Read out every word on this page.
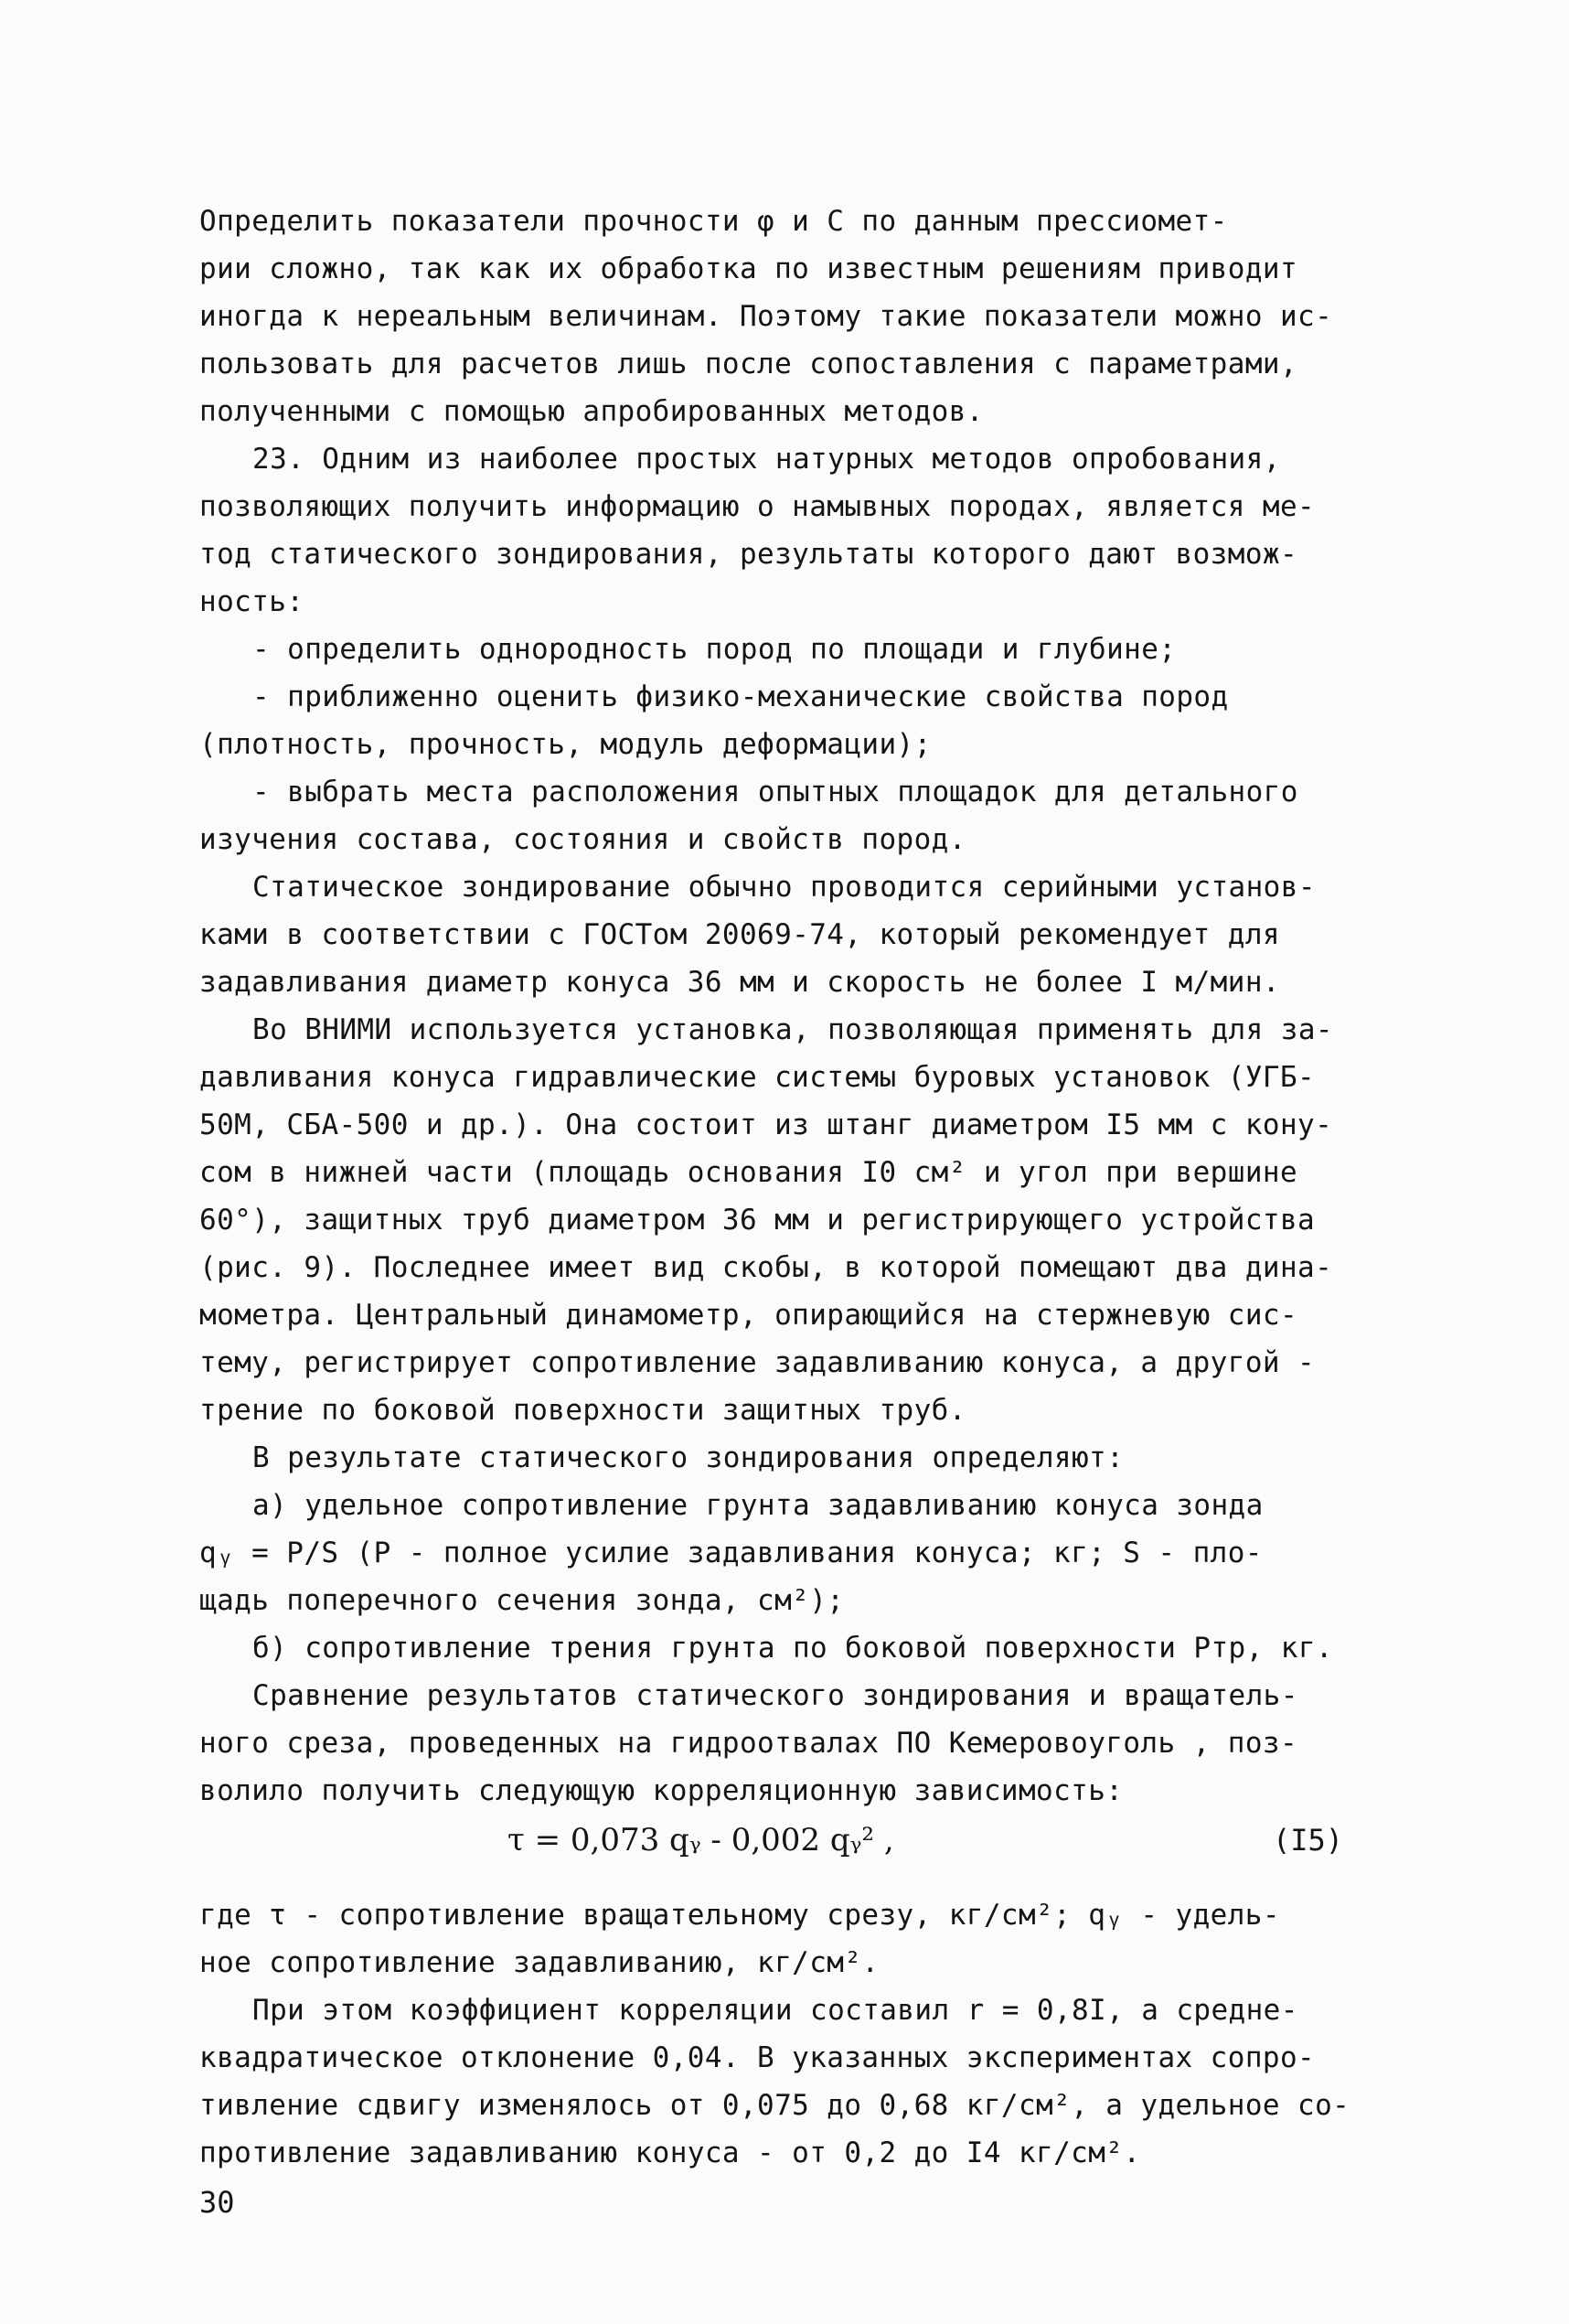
Определить показатели прочности φ и С по данным прессиомет-
рии сложно, так как их обработка по известным решениям приводит
иногда к нереальным величинам. Поэтому такие показатели можно ис-
пользовать для расчетов лишь после сопоставления с параметрами,
полученными с помощью апробированных методов.
23. Одним из наиболее простых натурных методов опробования,
позволяющих получить информацию о намывных породах, является ме-
тод статического зондирования, результаты которого дают возмож-
ность:
- определить однородность пород по площади и глубине;
- приближенно оценить физико-механические свойства пород
(плотность, прочность, модуль деформации);
- выбрать места расположения опытных площадок для детального
изучения состава, состояния и свойств пород.
Статическое зондирование обычно проводится серийными установ-
ками в соответствии с ГОСТом 20069-74, который рекомендует для
задавливания диаметр конуса 36 мм и скорость не более I м/мин.
Во ВНИМИ используется установка, позволяющая применять для за-
давливания конуса гидравлические системы буровых установок (УГБ-
50М, СБА-500 и др.). Она состоит из штанг диаметром I5 мм с кону-
сом в нижней части (площадь основания I0 см² и угол при вершине
60°), защитных труб диаметром 36 мм и регистрирующего устройства
(рис. 9). Последнее имеет вид скобы, в которой помещают два дина-
мометра. Центральный динамометр, опирающийся на стержневую сис-
тему, регистрирует сопротивление задавливанию конуса, а другой -
трение по боковой поверхности защитных труб.
В результате статического зондирования определяют:
а) удельное сопротивление грунта задавливанию конуса зонда
qᵧ = P/S (Р - полное усилие задавливания конуса; кг; S - пло-
щадь поперечного сечения зонда, см²);
б) сопротивление трения грунта по боковой поверхности Pтр, кг.
Сравнение результатов статического зондирования и вращатель-
ного среза, проведенных на гидроотвалах ПО Кемеровоуголь , поз-
волило получить следующую корреляционную зависимость:
τ = 0,073 qᵧ - 0,002 qᵧ² ,	(I5)
где τ - сопротивление вращательному срезу, кг/см²; qᵧ - удель-
ное сопротивление задавливанию, кг/см².
При этом коэффициент корреляции составил r = 0,8I, а средне-
квадратическое отклонение 0,04. В указанных экспериментах сопро-
тивление сдвигу изменялось от 0,075 до 0,68 кг/см², а удельное со-
противление задавливанию конуса - от 0,2 до I4 кг/см².
30
